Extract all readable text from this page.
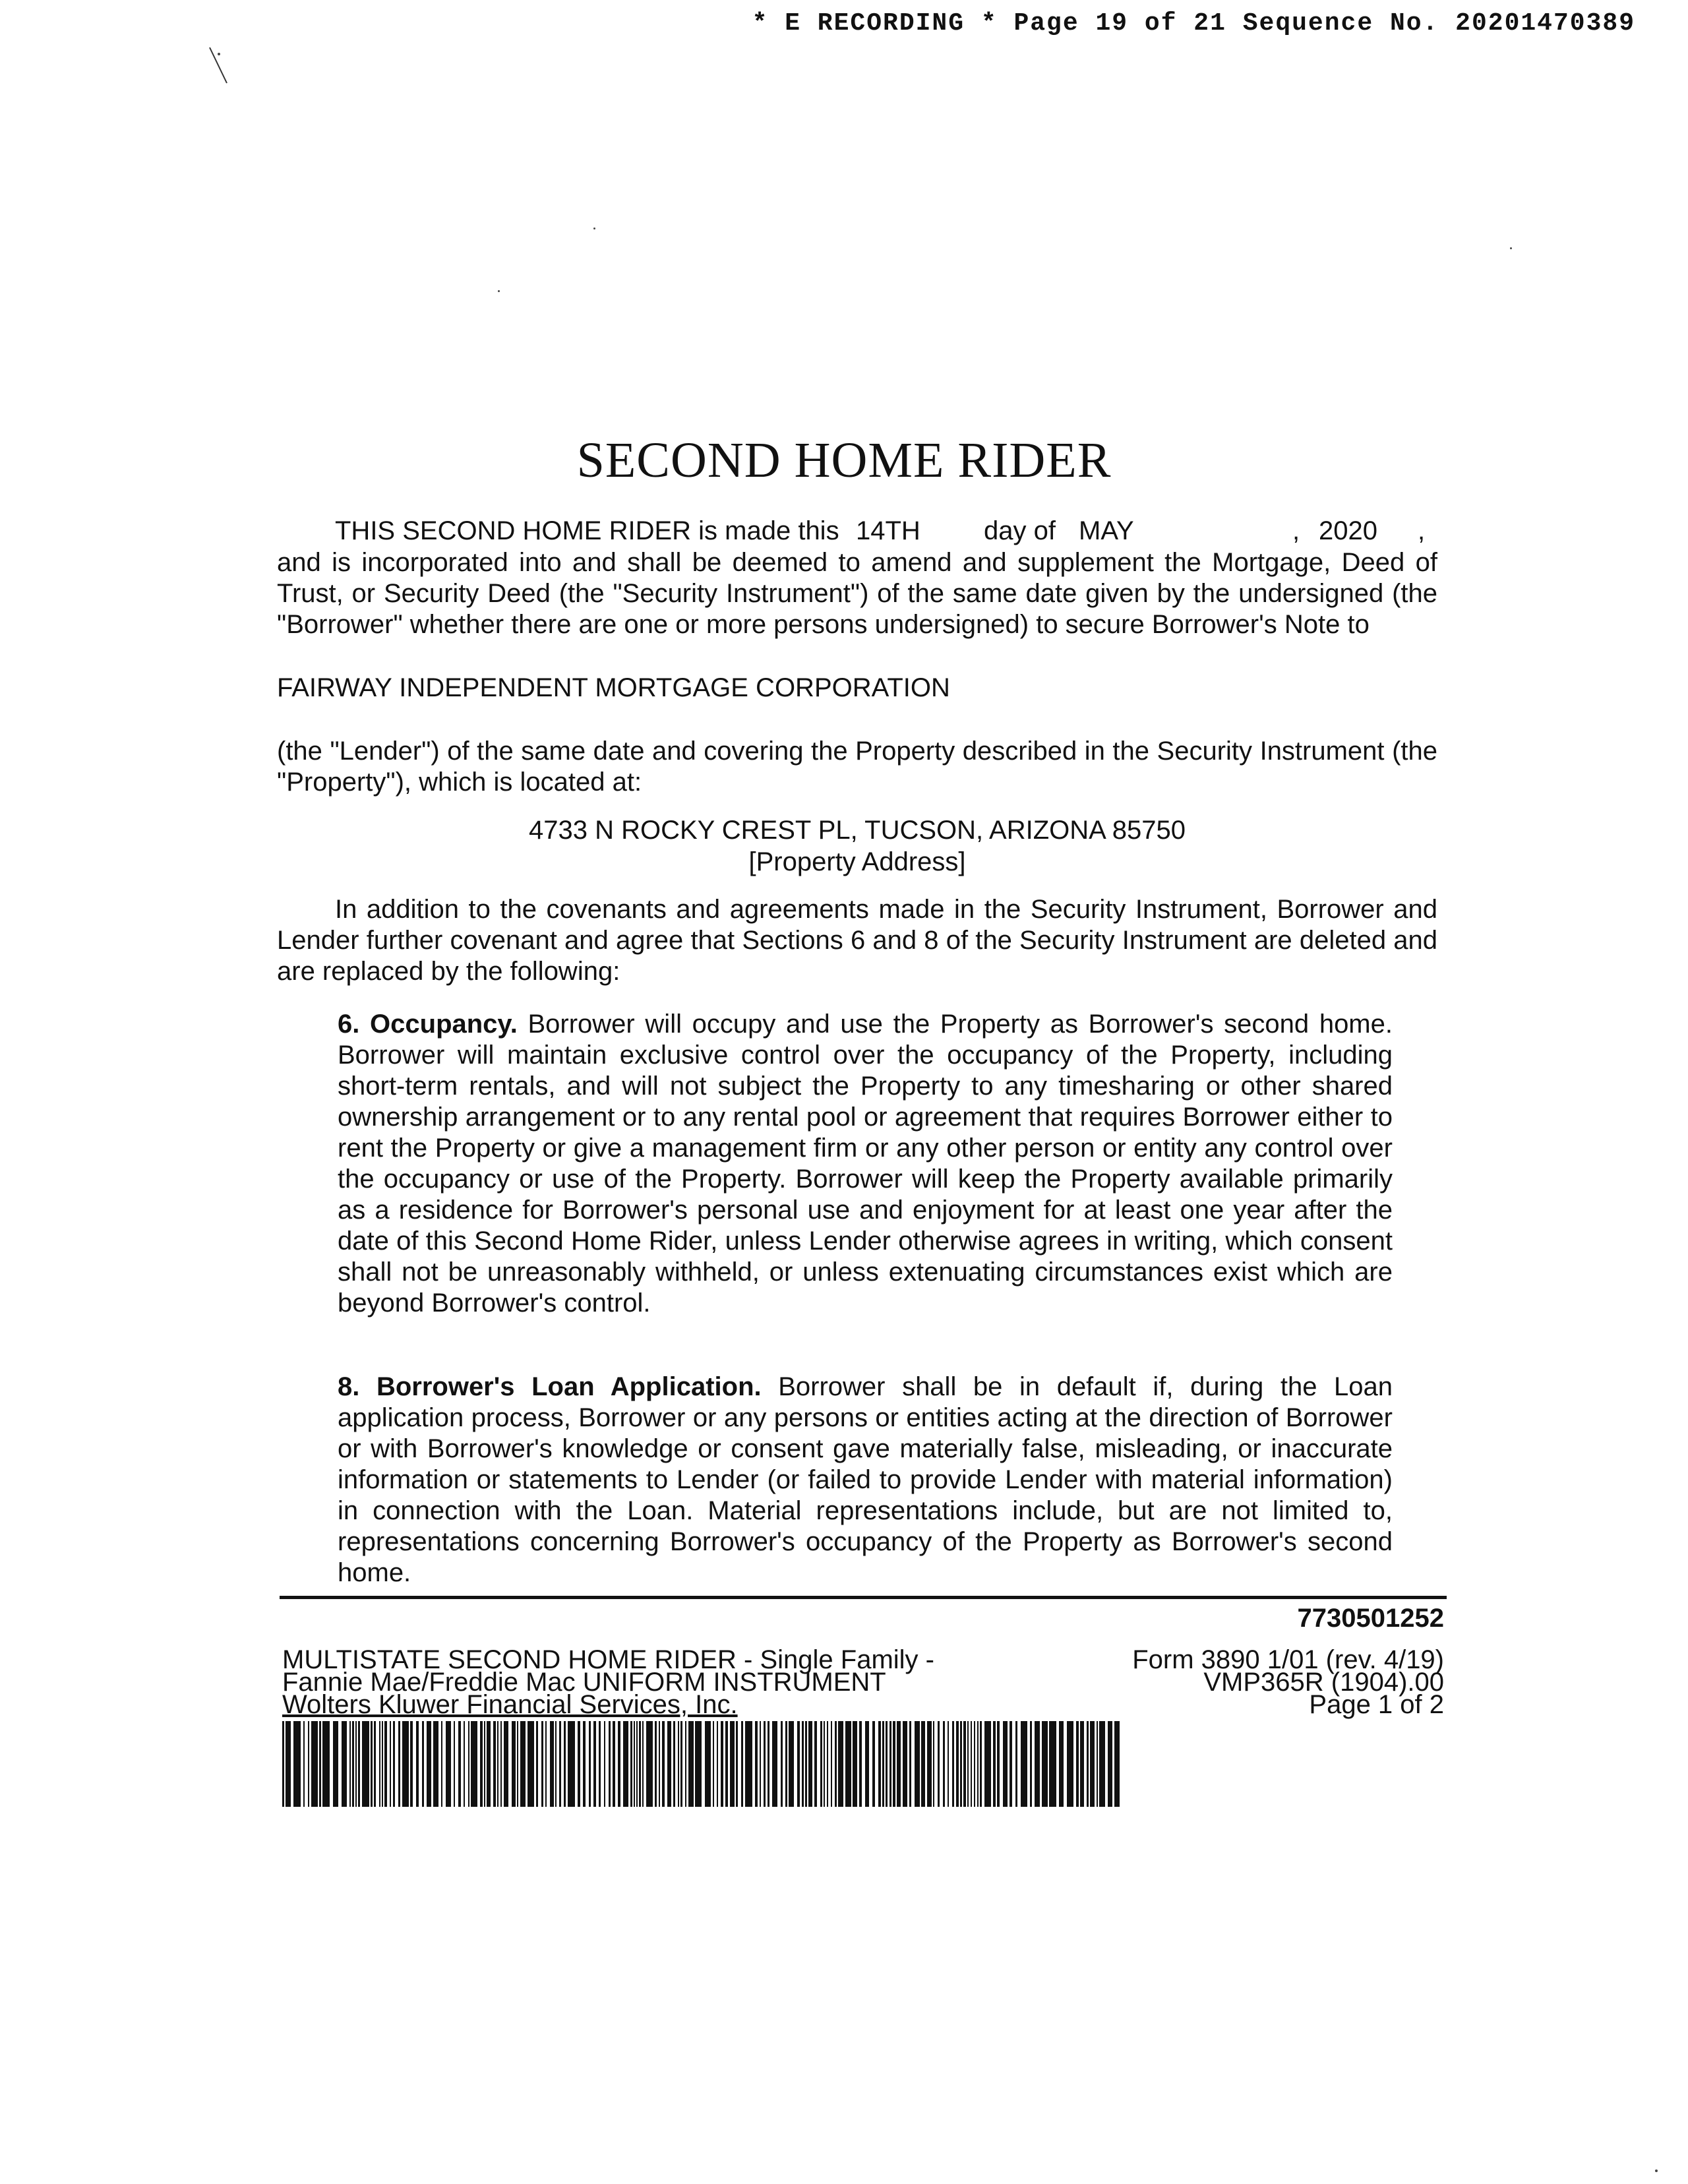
* E RECORDING * Page 19 of 21 Sequence No. 20201470389
SECOND HOME RIDER
THIS SECOND HOME RIDER is made this 14TH day of MAY	, 2020 ,
and is incorporated into and shall be deemed to amend and supplement the Mortgage, Deed of Trust, or Security Deed (the "Security Instrument") of the same date given by the undersigned (the "Borrower" whether there are one or more persons undersigned) to secure Borrower's Note to
FAIRWAY INDEPENDENT MORTGAGE CORPORATION
(the "Lender") of the same date and covering the Property described in the Security Instrument (the "Property"), which is located at:
4733 N ROCKY CREST PL, TUCSON, ARIZONA 85750
[Property Address]
In addition to the covenants and agreements made in the Security Instrument, Borrower and Lender further covenant and agree that Sections 6 and 8 of the Security Instrument are deleted and are replaced by the following:
6. Occupancy. Borrower will occupy and use the Property as Borrower's second home. Borrower will maintain exclusive control over the occupancy of the Property, including short-term rentals, and will not subject the Property to any timesharing or other shared ownership arrangement or to any rental pool or agreement that requires Borrower either to rent the Property or give a management firm or any other person or entity any control over the occupancy or use of the Property. Borrower will keep the Property available primarily as a residence for Borrower's personal use and enjoyment for at least one year after the date of this Second Home Rider, unless Lender otherwise agrees in writing, which consent shall not be unreasonably withheld, or unless extenuating circumstances exist which are beyond Borrower's control.
8. Borrower's Loan Application. Borrower shall be in default if, during the Loan application process, Borrower or any persons or entities acting at the direction of Borrower or with Borrower's knowledge or consent gave materially false, misleading, or inaccurate information or statements to Lender (or failed to provide Lender with material information) in connection with the Loan. Material representations include, but are not limited to, representations concerning Borrower's occupancy of the Property as Borrower's second home.
7730501252
MULTISTATE SECOND HOME RIDER - Single Family -
Fannie Mae/Freddie Mac UNIFORM INSTRUMENT
Wolters Kluwer Financial Services, Inc.
Form 3890 1/01 (rev. 4/19)
VMP365R (1904).00
Page 1 of 2
